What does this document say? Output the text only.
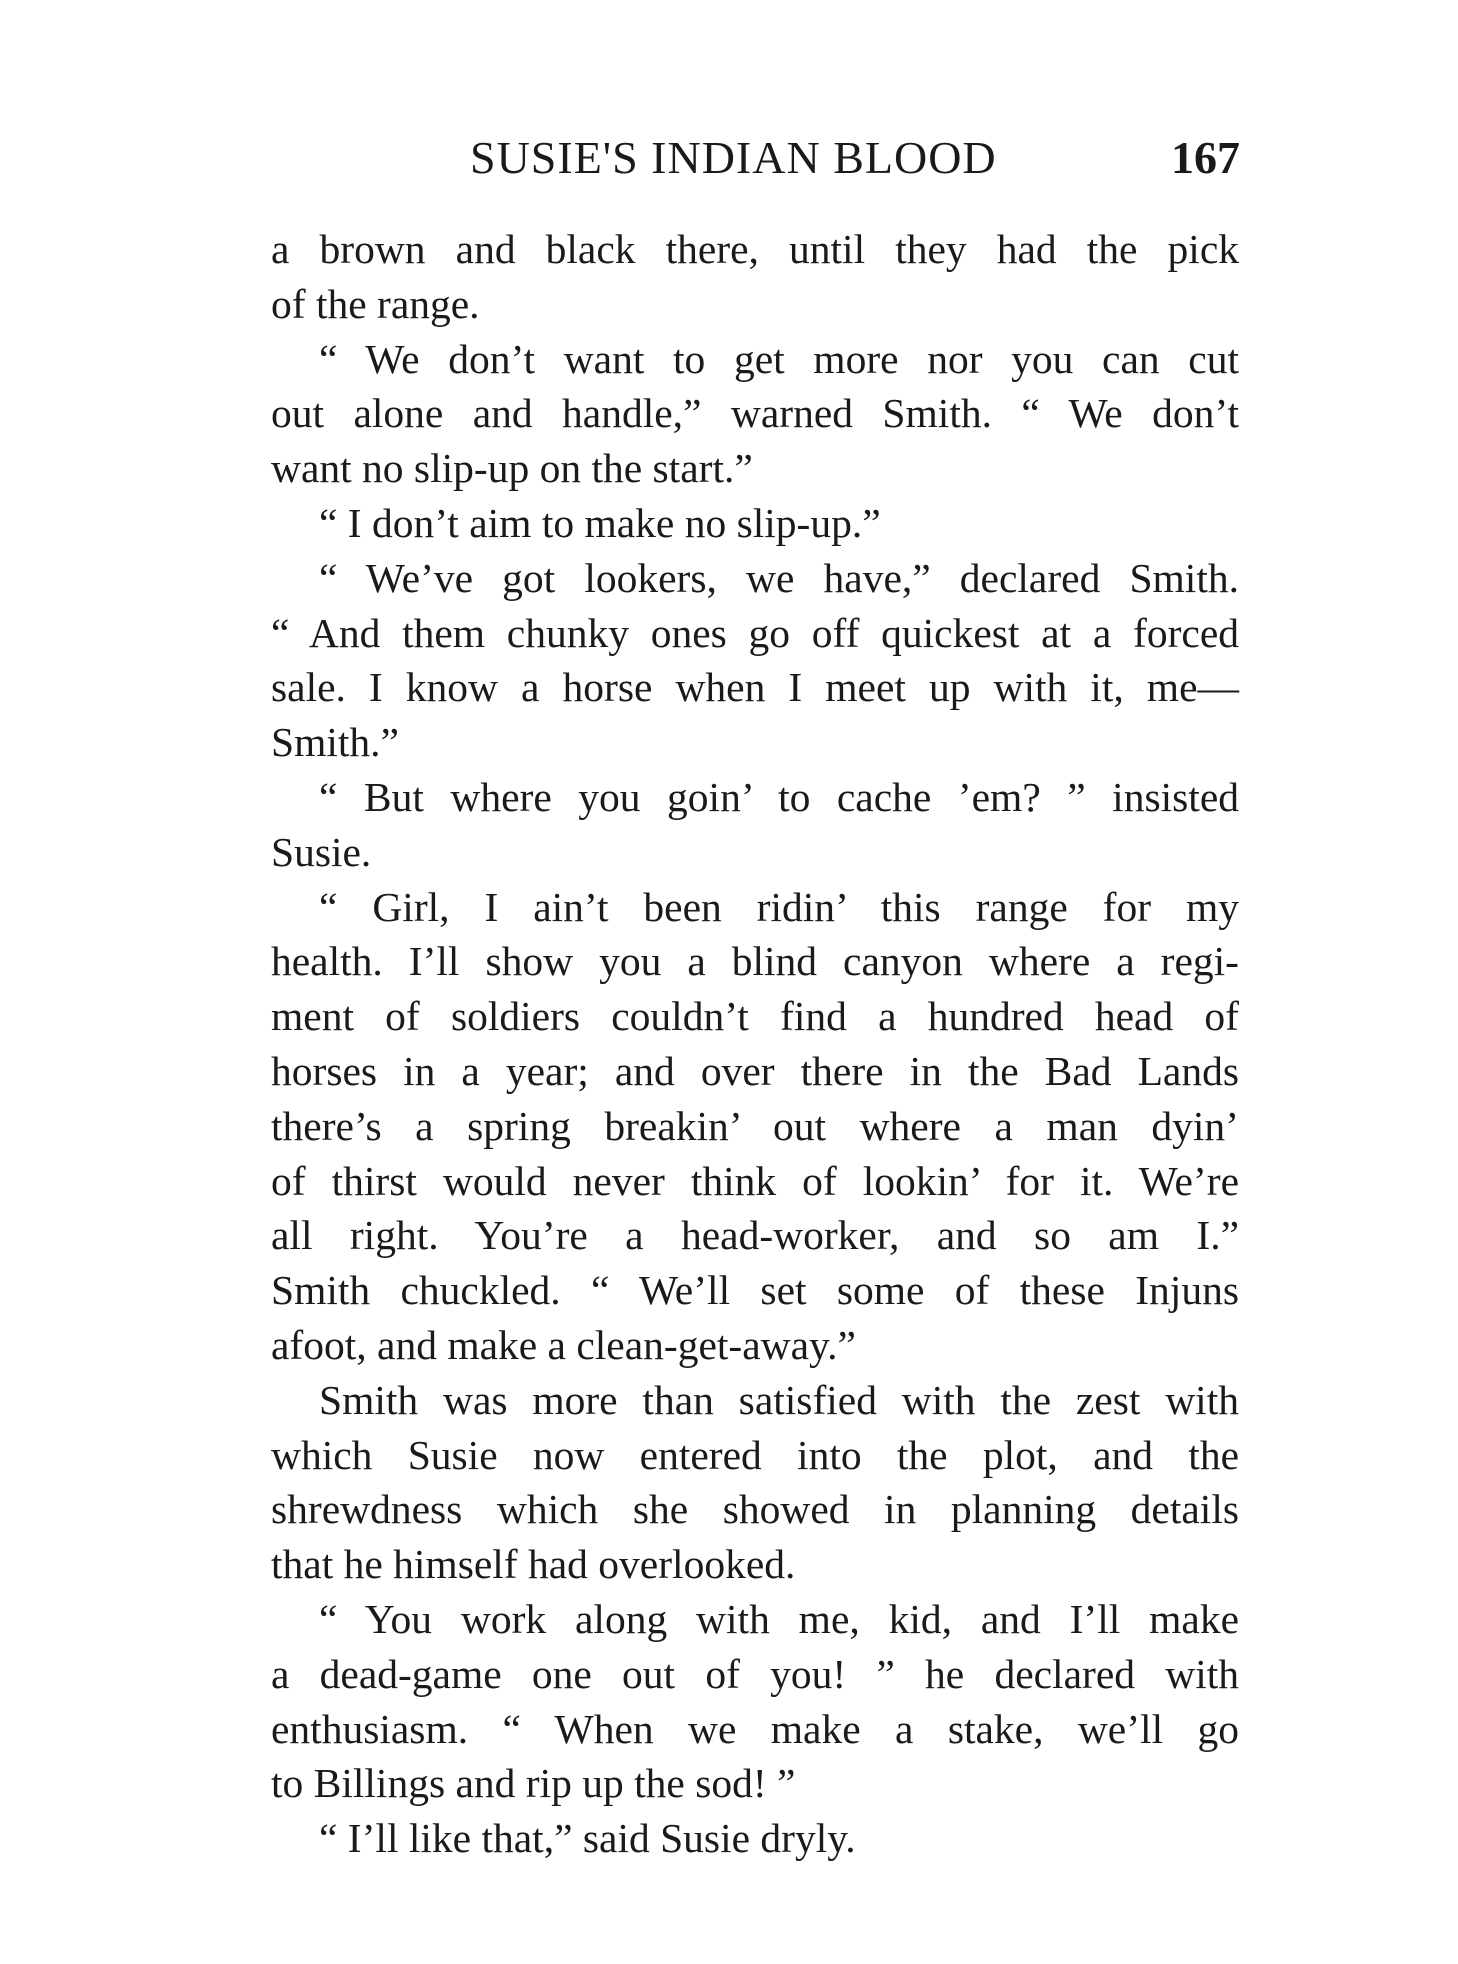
SUSIE'S INDIAN BLOOD	167
a brown and black there, until they had the pick
of the range.
“ We don’t want to get more nor you can cut
out alone and handle,” warned Smith. “ We don’t
want no slip-up on the start.”
“ I don’t aim to make no slip-up.”
“ We’ve got lookers, we have,” declared Smith.
“ And them chunky ones go off quickest at a forced
sale. I know a horse when I meet up with it, me—
Smith.”
“ But where you goin’ to cache ’em? ” insisted
Susie.
“ Girl, I ain’t been ridin’ this range for my
health. I’ll show you a blind canyon where a regi-
ment of soldiers couldn’t find a hundred head of
horses in a year; and over there in the Bad Lands
there’s a spring breakin’ out where a man dyin’
of thirst would never think of lookin’ for it. We’re
all right. You’re a head-worker, and so am I.”
Smith chuckled. “ We’ll set some of these Injuns
afoot, and make a clean-get-away.”
Smith was more than satisfied with the zest with
which Susie now entered into the plot, and the
shrewdness which she showed in planning details
that he himself had overlooked.
“ You work along with me, kid, and I’ll make
a dead-game one out of you! ” he declared with
enthusiasm. “ When we make a stake, we’ll go
to Billings and rip up the sod! ”
“ I’ll like that,” said Susie dryly.
